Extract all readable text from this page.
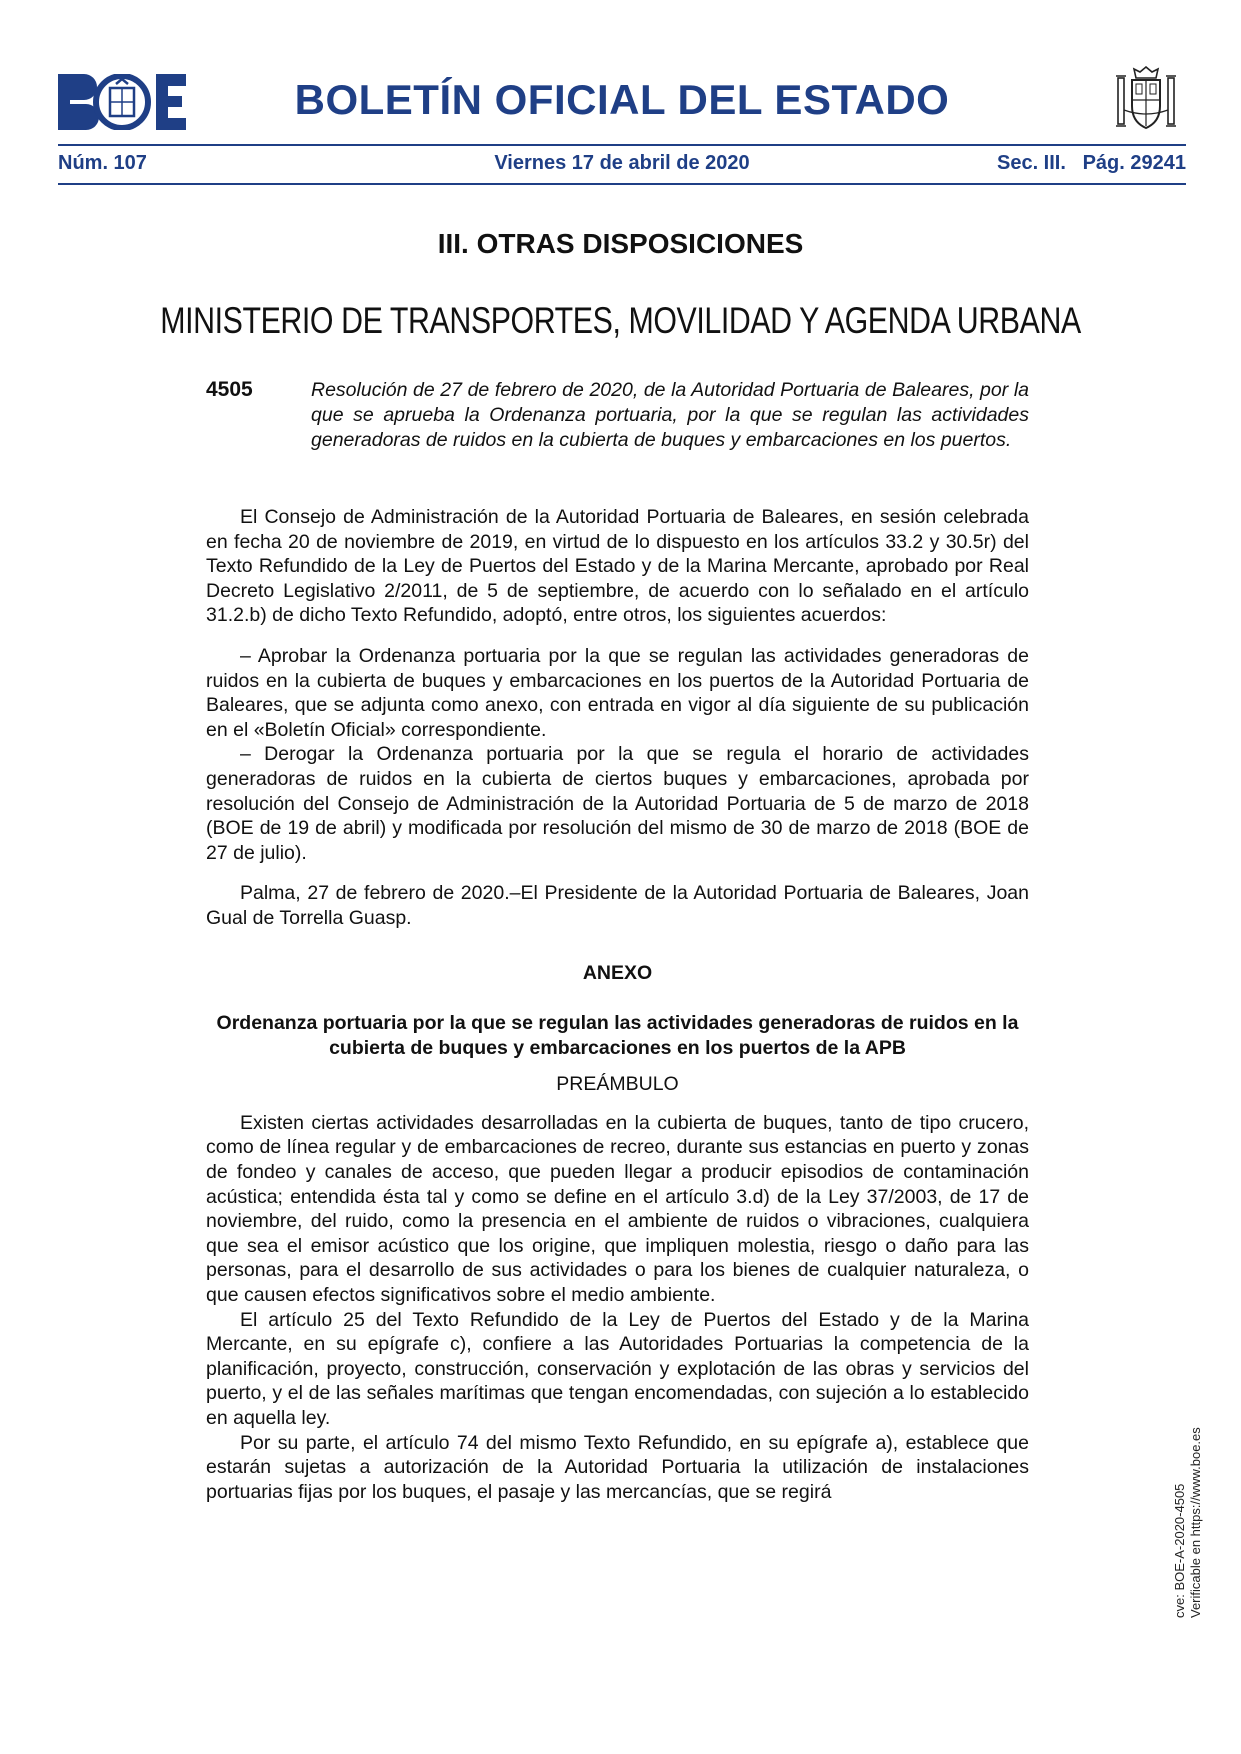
BOLETÍN OFICIAL DEL ESTADO
Núm. 107	Viernes 17 de abril de 2020	Sec. III.   Pág. 29241
III. OTRAS DISPOSICIONES
MINISTERIO DE TRANSPORTES, MOVILIDAD Y AGENDA URBANA
4505	Resolución de 27 de febrero de 2020, de la Autoridad Portuaria de Baleares, por la que se aprueba la Ordenanza portuaria, por la que se regulan las actividades generadoras de ruidos en la cubierta de buques y embarcaciones en los puertos.

El Consejo de Administración de la Autoridad Portuaria de Baleares, en sesión celebrada en fecha 20 de noviembre de 2019, en virtud de lo dispuesto en los artículos 33.2 y 30.5r) del Texto Refundido de la Ley de Puertos del Estado y de la Marina Mercante, aprobado por Real Decreto Legislativo 2/2011, de 5 de septiembre, de acuerdo con lo señalado en el artículo 31.2.b) de dicho Texto Refundido, adoptó, entre otros, los siguientes acuerdos:

– Aprobar la Ordenanza portuaria por la que se regulan las actividades generadoras de ruidos en la cubierta de buques y embarcaciones en los puertos de la Autoridad Portuaria de Baleares, que se adjunta como anexo, con entrada en vigor al día siguiente de su publicación en el «Boletín Oficial» correspondiente.

– Derogar la Ordenanza portuaria por la que se regula el horario de actividades generadoras de ruidos en la cubierta de ciertos buques y embarcaciones, aprobada por resolución del Consejo de Administración de la Autoridad Portuaria de 5 de marzo de 2018 (BOE de 19 de abril) y modificada por resolución del mismo de 30 de marzo de 2018 (BOE de 27 de julio).

Palma, 27 de febrero de 2020.–El Presidente de la Autoridad Portuaria de Baleares, Joan Gual de Torrella Guasp.

ANEXO

Ordenanza portuaria por la que se regulan las actividades generadoras de ruidos en la cubierta de buques y embarcaciones en los puertos de la APB

PREÁMBULO

Existen ciertas actividades desarrolladas en la cubierta de buques, tanto de tipo crucero, como de línea regular y de embarcaciones de recreo, durante sus estancias en puerto y zonas de fondeo y canales de acceso, que pueden llegar a producir episodios de contaminación acústica; entendida ésta tal y como se define en el artículo 3.d) de la Ley 37/2003, de 17 de noviembre, del ruido, como la presencia en el ambiente de ruidos o vibraciones, cualquiera que sea el emisor acústico que los origine, que impliquen molestia, riesgo o daño para las personas, para el desarrollo de sus actividades o para los bienes de cualquier naturaleza, o que causen efectos significativos sobre el medio ambiente.

El artículo 25 del Texto Refundido de la Ley de Puertos del Estado y de la Marina Mercante, en su epígrafe c), confiere a las Autoridades Portuarias la competencia de la planificación, proyecto, construcción, conservación y explotación de las obras y servicios del puerto, y el de las señales marítimas que tengan encomendadas, con sujeción a lo establecido en aquella ley.

Por su parte, el artículo 74 del mismo Texto Refundido, en su epígrafe a), establece que estarán sujetas a autorización de la Autoridad Portuaria la utilización de instalaciones portuarias fijas por los buques, el pasaje y las mercancías, que se regirá	cve: BOE-A-2020-4505 Verificable en https://www.boe.es
